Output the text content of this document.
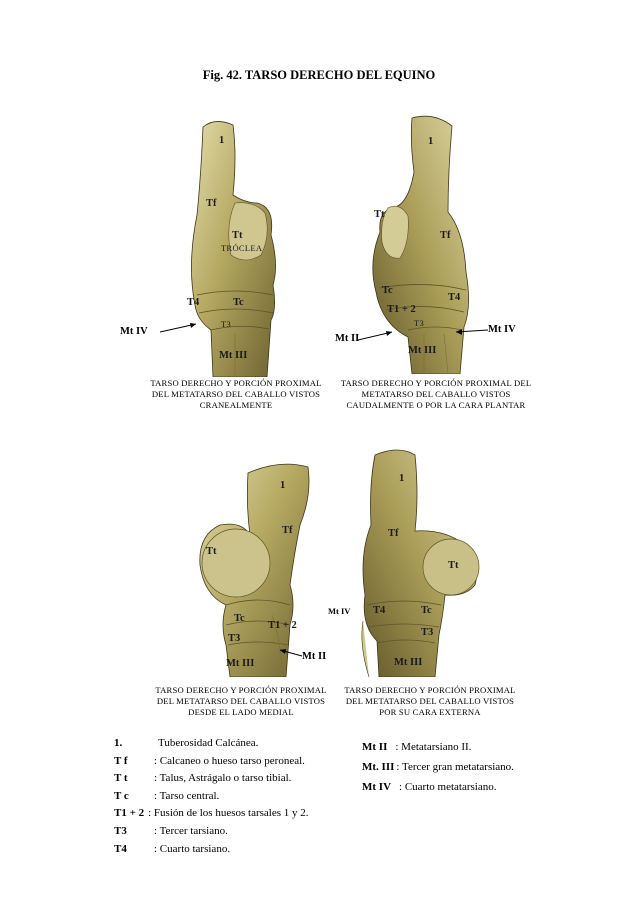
Fig. 42. TARSO DERECHO DEL EQUINO
1
Tf
Tt
TRÓCLEA
T4	Tc
T3
Mt III
Mt IV
TARSO DERECHO Y PORCIÓN PROXIMAL DEL METATARSO DEL CABALLO VISTOS CRANEALMENTE
1
Tt
Tf
Tc
T4
T1 + 2
T3
Mt III
Mt II
Mt IV
TARSO DERECHO Y PORCIÓN PROXIMAL DEL METATARSO DEL CABALLO VISTOS CAUDALMENTE O POR LA CARA PLANTAR
1
Tf
Tt
Tc
T1 + 2
T3
Mt III
Mt II
TARSO DERECHO Y PORCIÓN PROXIMAL DEL METATARSO DEL CABALLO VISTOS DESDE EL LADO MEDIAL
1
Tf
Tt
T4	Tc
T3
Mt III
Mt IV
TARSO DERECHO Y PORCIÓN PROXIMAL DEL METATARSO DEL CABALLO VISTOS POR SU CARA EXTERNA
1.	Tuberosidad Calcánea.
T f	: Calcaneo o hueso tarso peroneal.
T t	: Talus, Astrágalo o tarso tibial.
T c	: Tarso central.
T1 + 2 : Fusión de los huesos tarsales 1 y 2.
T3	: Tercer tarsiano.
T4	: Cuarto tarsiano.
Mt II : Metatarsiano II.
Mt. III : Tercer gran metatarsiano.
Mt IV : Cuarto metatarsiano.
